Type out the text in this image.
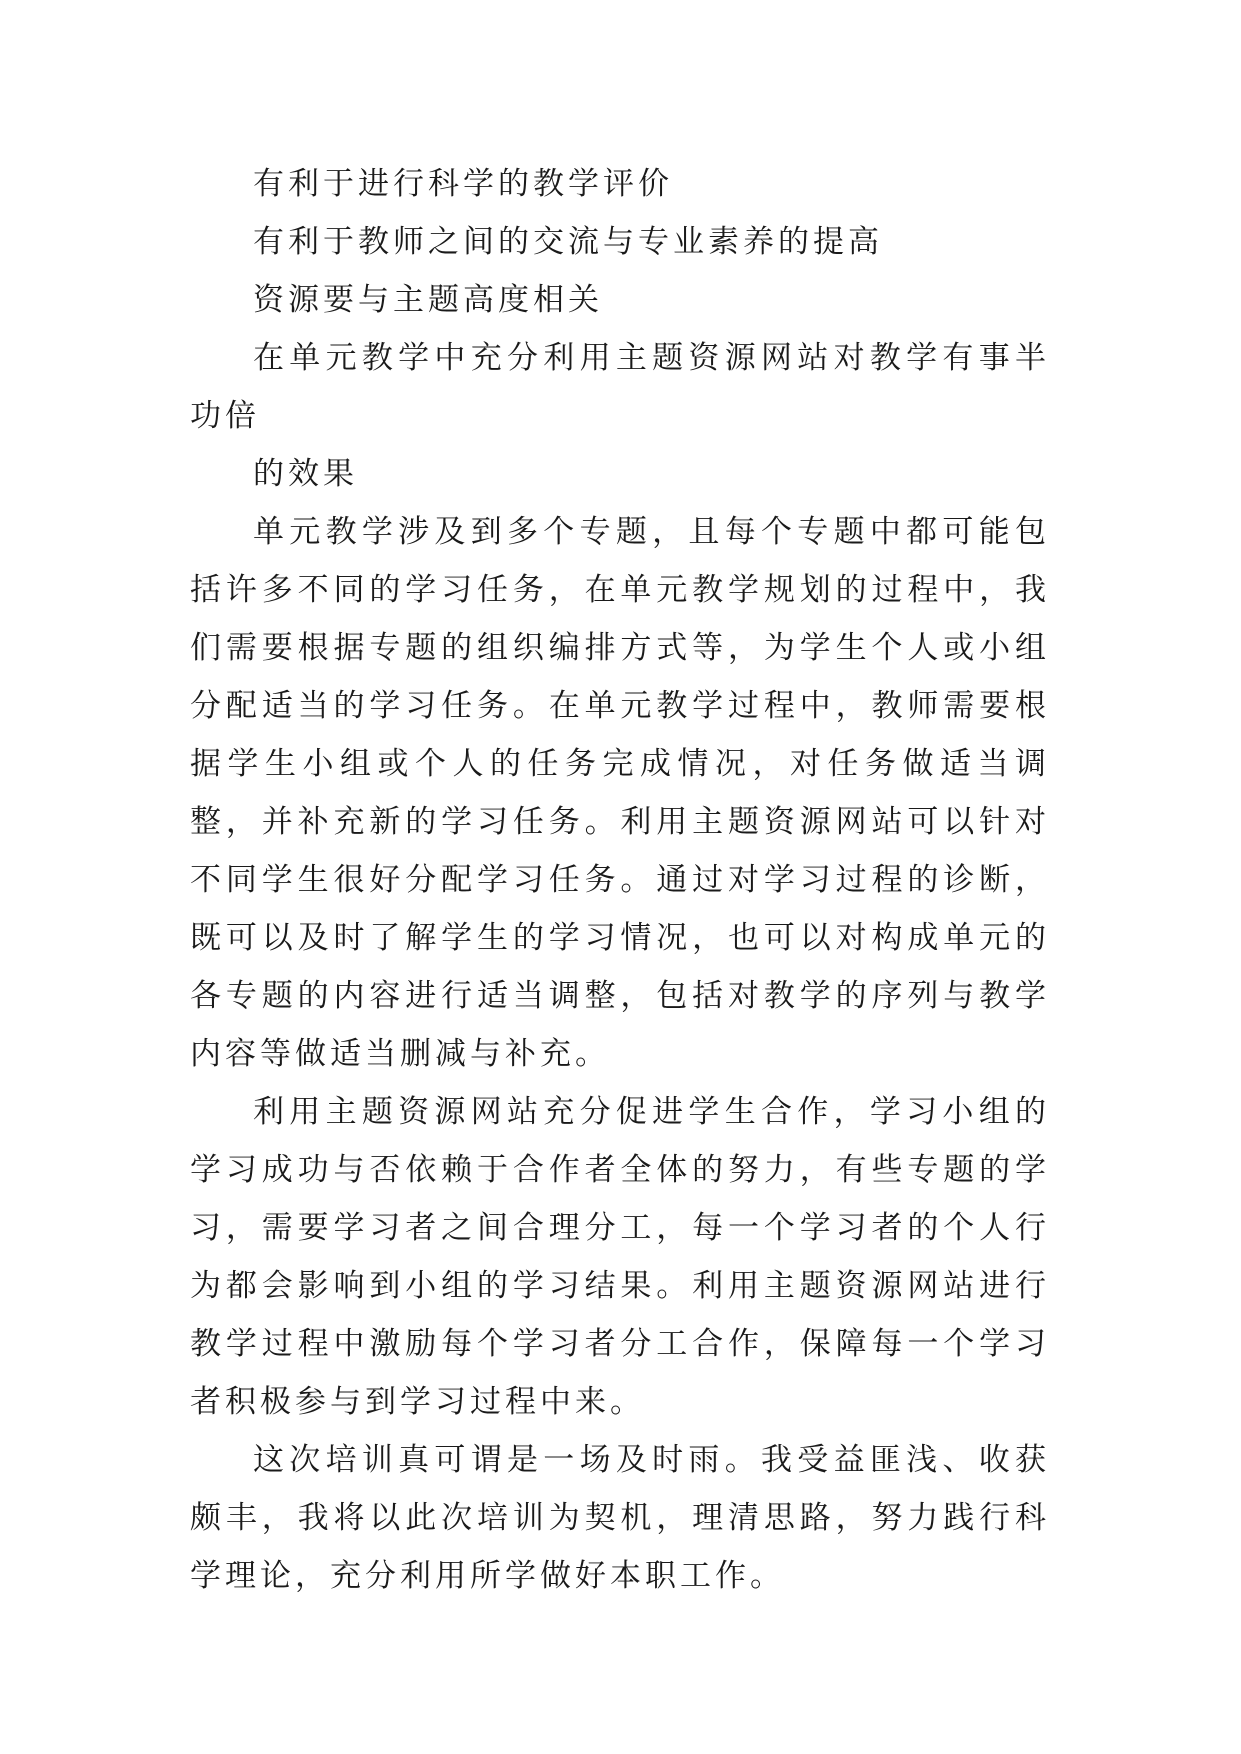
有利于进行科学的教学评价

有利于教师之间的交流与专业素养的提高

资源要与主题高度相关

在单元教学中充分利用主题资源网站对教学有事半功倍

的效果

单元教学涉及到多个专题，且每个专题中都可能包括许多不同的学习任务，在单元教学规划的过程中，我们需要根据专题的组织编排方式等，为学生个人或小组分配适当的学习任务。在单元教学过程中，教师需要根据学生小组或个人的任务完成情况，对任务做适当调整，并补充新的学习任务。利用主题资源网站可以针对不同学生很好分配学习任务。通过对学习过程的诊断，既可以及时了解学生的学习情况，也可以对构成单元的各专题的内容进行适当调整，包括对教学的序列与教学内容等做适当删减与补充。

利用主题资源网站充分促进学生合作，学习小组的学习成功与否依赖于合作者全体的努力，有些专题的学习，需要学习者之间合理分工，每一个学习者的个人行为都会影响到小组的学习结果。利用主题资源网站进行教学过程中激励每个学习者分工合作，保障每一个学习者积极参与到学习过程中来。

这次培训真可谓是一场及时雨。我受益匪浅、收获颇丰，我将以此次培训为契机，理清思路，努力践行科学理论，充分利用所学做好本职工作。
